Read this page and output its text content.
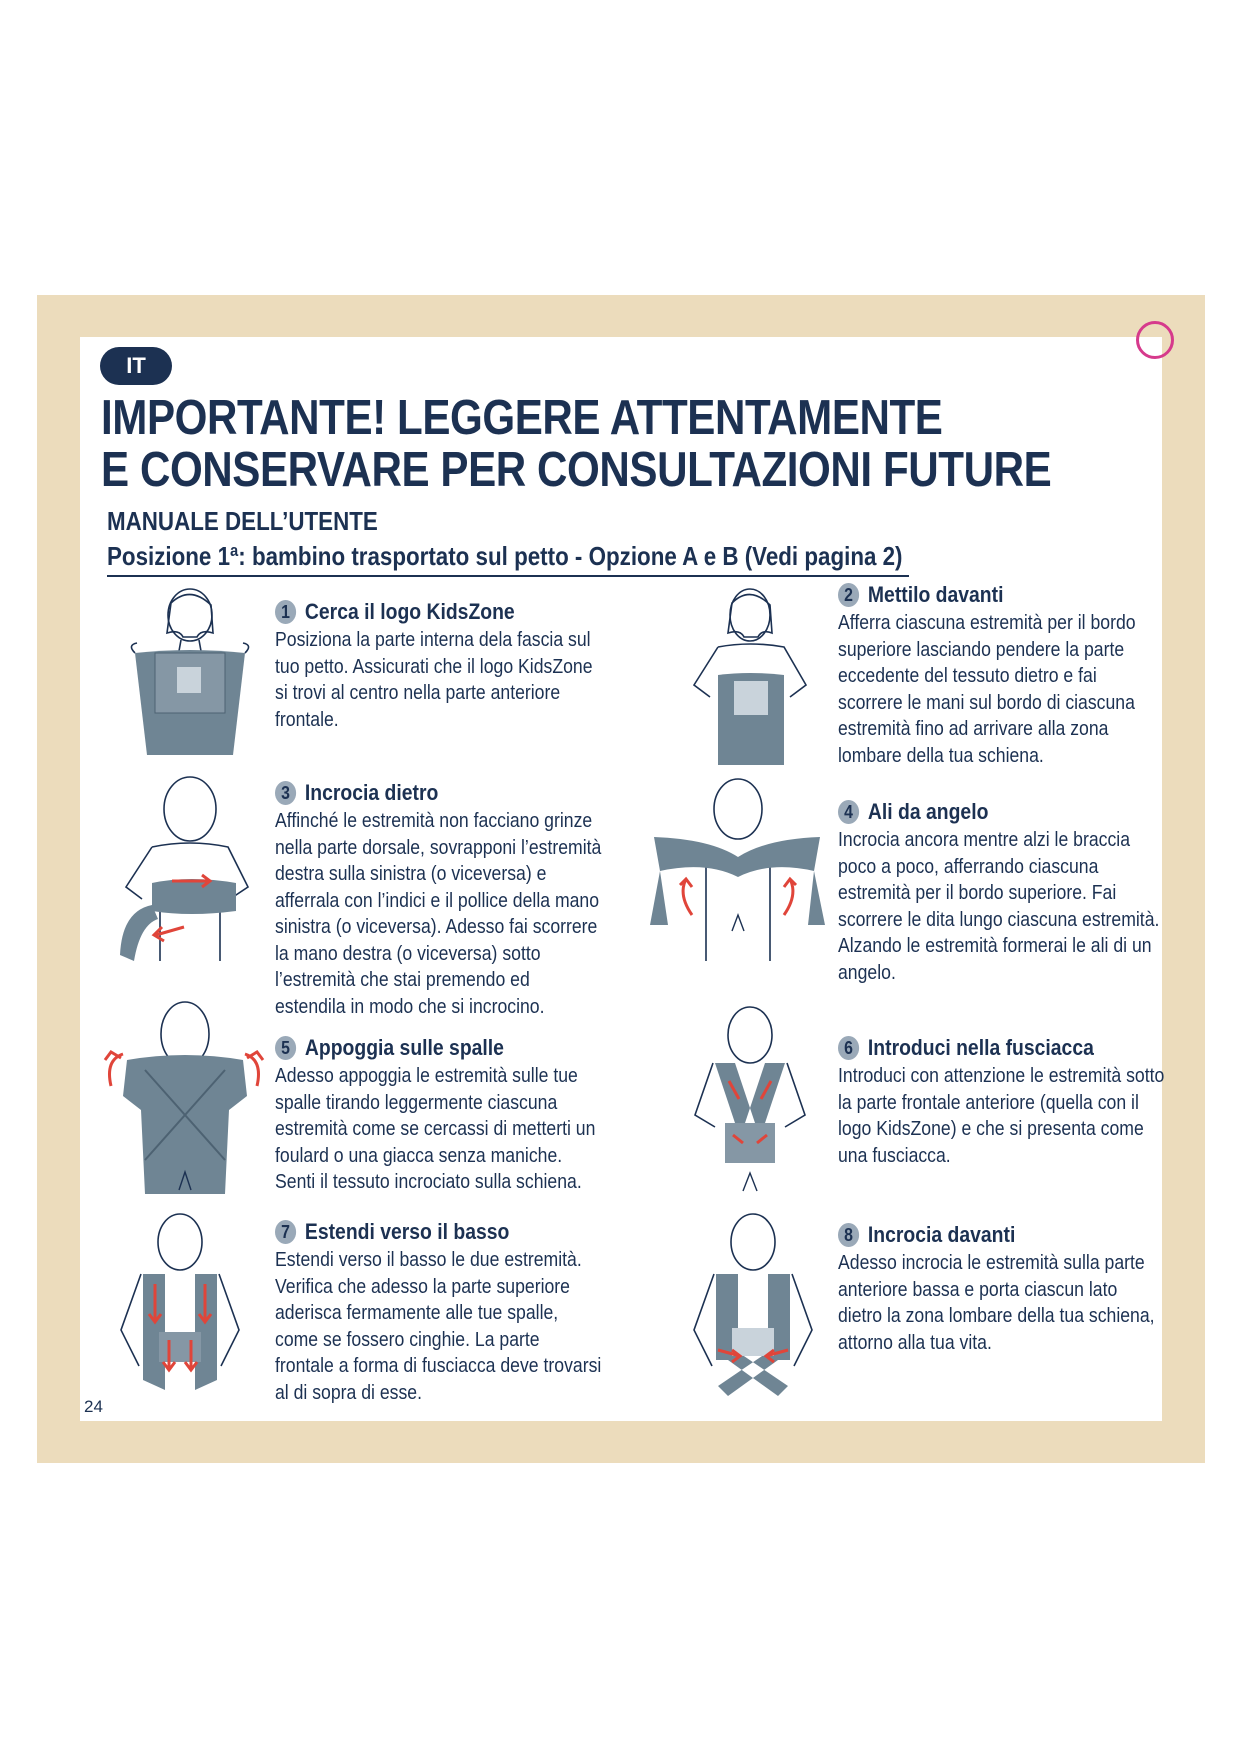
IT
IMPORTANTE! LEGGERE ATTENTAMENTE
E CONSERVARE PER CONSULTAZIONI FUTURE
MANUALE DELL’UTENTE
Posizione 1ª: bambino trasportato sul petto - Opzione A e B (Vedi pagina 2)
1 Cerca il logo KidsZone
Posiziona la parte interna dela fascia sul tuo petto. Assicurati che il logo KidsZone si trovi al centro nella parte anteriore frontale.
2 Mettilo davanti
Afferra ciascuna estremità per il bordo superiore lasciando pendere la parte eccedente del tessuto dietro e fai scorrere le mani sul bordo di ciascuna estremità fino ad arrivare alla zona lombare della tua schiena.
3 Incrocia dietro
Affinché le estremità non facciano grinze nella parte dorsale, sovrapponi l’estremità destra sulla sinistra (o viceversa) e afferrala con l’indici e il pollice della mano sinistra (o viceversa). Adesso fai scorrere la mano destra (o viceversa) sotto l’estremità che stai premendo ed estendila in modo che si incrocino.
4 Ali da angelo
Incrocia ancora mentre alzi le braccia poco a poco, afferrando ciascuna estremità per il bordo superiore. Fai scorrere le dita lungo ciascuna estremità. Alzando le estremità formerai le ali di un angelo.
5 Appoggia sulle spalle
Adesso appoggia le estremità sulle tue spalle tirando leggermente ciascuna estremità come se cercassi di metterti un foulard o una giacca senza maniche. Senti il tessuto incrociato sulla schiena.
6 Introduci nella fusciacca
Introduci con attenzione le estremità sotto la parte frontale anteriore (quella con il logo KidsZone) e che si presenta come una fusciacca.
7 Estendi verso il basso
Estendi verso il basso le due estremità. Verifica che adesso la parte superiore aderisca fermamente alle tue spalle, come se fossero cinghie. La parte frontale a forma di fusciacca deve trovarsi al di sopra di esse.
8 Incrocia davanti
Adesso incrocia le estremità sulla parte anteriore bassa e porta ciascun lato dietro la zona lombare della tua schiena, attorno alla tua vita.
24
